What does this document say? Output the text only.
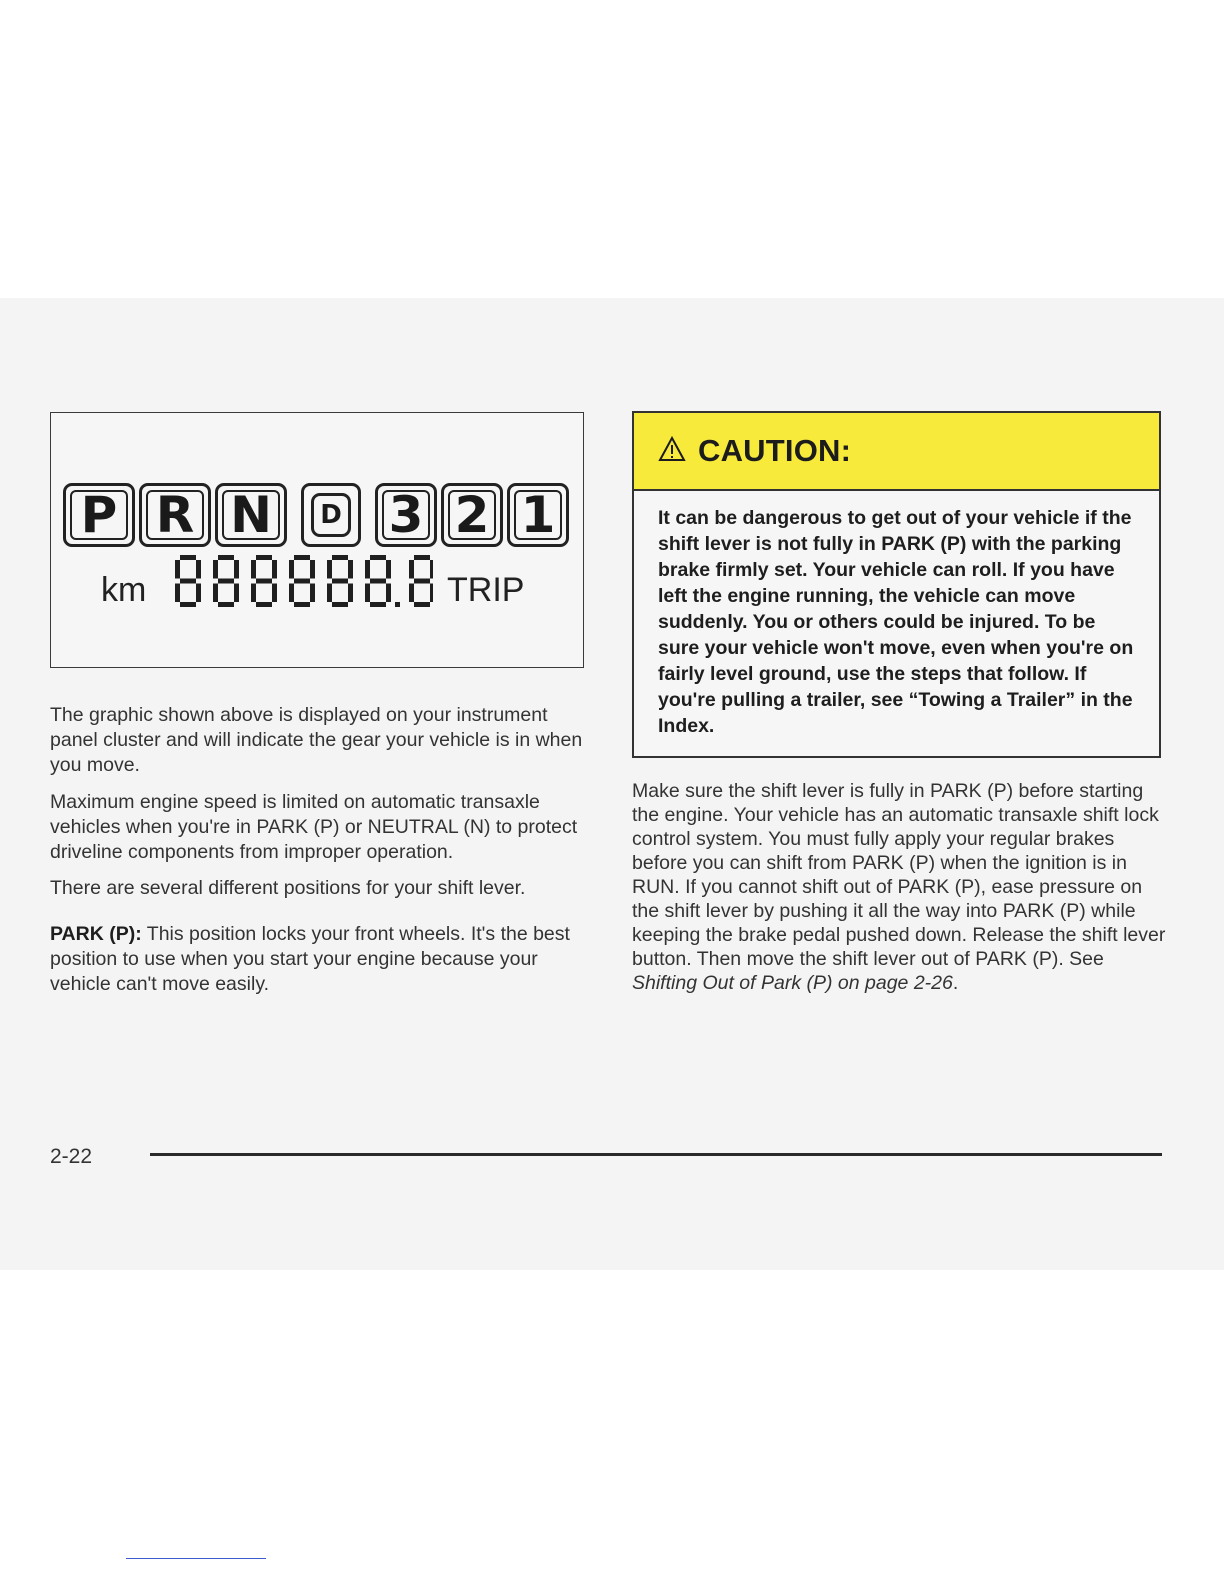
P R N D 3 2 1
km	TRIP

The graphic shown above is displayed on your instrument panel cluster and will indicate the gear your vehicle is in when you move.

Maximum engine speed is limited on automatic transaxle vehicles when you're in PARK (P) or NEUTRAL (N) to protect driveline components from improper operation.

There are several different positions for your shift lever.

PARK (P): This position locks your front wheels. It's the best position to use when you start your engine because your vehicle can't move easily.

CAUTION:

It can be dangerous to get out of your vehicle if the shift lever is not fully in PARK (P) with the parking brake firmly set. Your vehicle can roll. If you have left the engine running, the vehicle can move suddenly. You or others could be injured. To be sure your vehicle won't move, even when you're on fairly level ground, use the steps that follow. If you're pulling a trailer, see “Towing a Trailer” in the Index.

Make sure the shift lever is fully in PARK (P) before starting the engine. Your vehicle has an automatic transaxle shift lock control system. You must fully apply your regular brakes before you can shift from PARK (P) when the ignition is in RUN. If you cannot shift out of PARK (P), ease pressure on the shift lever by pushing it all the way into PARK (P) while keeping the brake pedal pushed down. Release the shift lever button. Then move the shift lever out of PARK (P). See Shifting Out of Park (P) on page 2-26.

2-22
